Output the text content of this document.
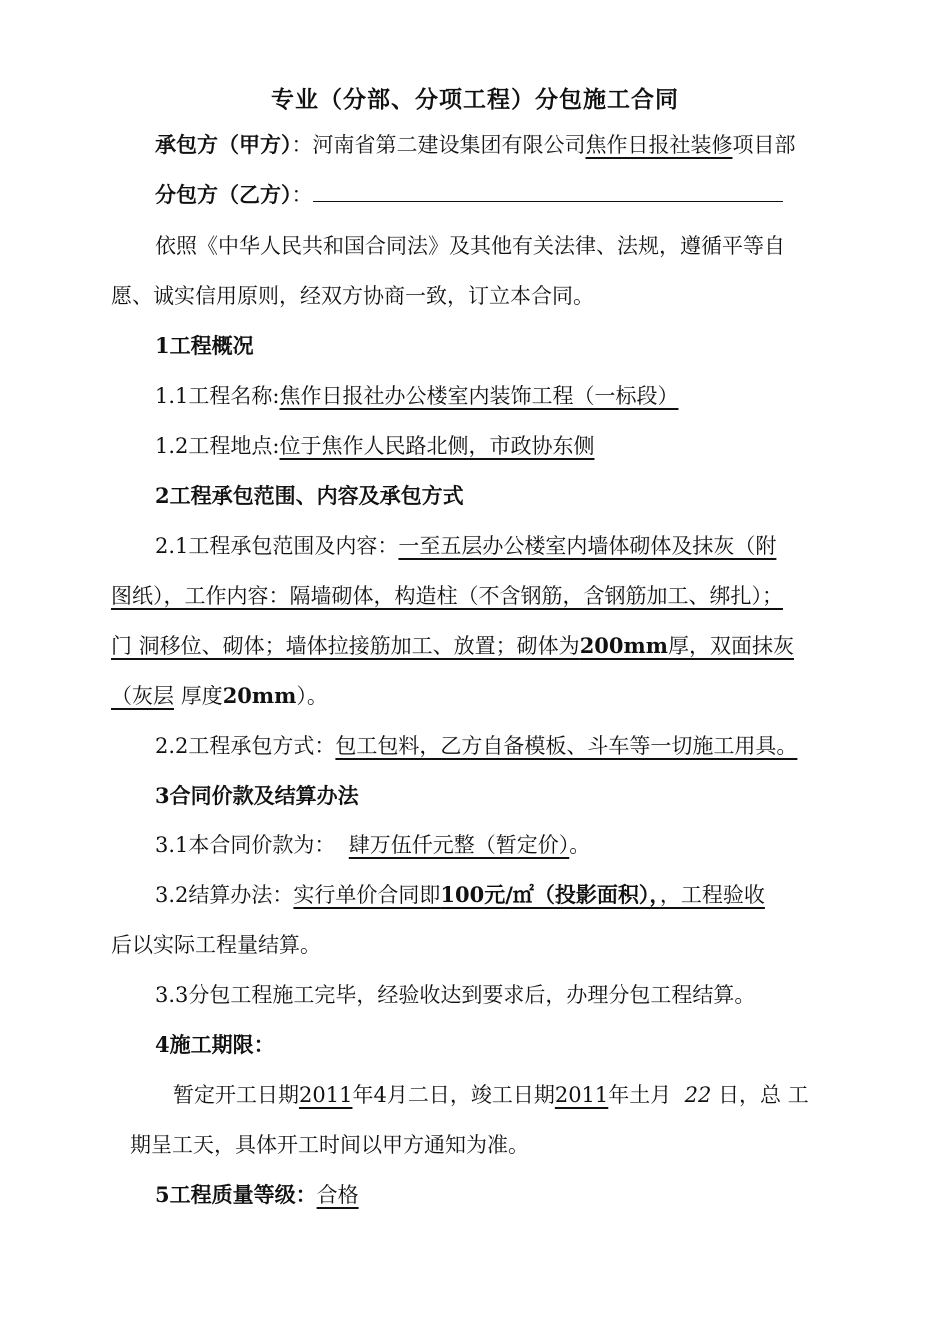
专业（分部、分项工程）分包施工合同
承包方（甲方）：河南省第二建设集团有限公司焦作日报社装修项目部
分包方（乙方）：
依照《中华人民共和国合同法》及其他有关法律、法规，遵循平等自
愿、诚实信用原则，经双方协商一致，订立本合同。
1工程概况
1.1工程名称:焦作日报社办公楼室内装饰工程（一标段）
1.2工程地点:位于焦作人民路北侧，市政协东侧
2工程承包范围、内容及承包方式
2.1工程承包范围及内容：一至五层办公楼室内墙体砌体及抹灰（附
图纸），工作内容：隔墙砌体，构造柱（不含钢筋，含钢筋加工、绑扎）；
门 洞移位、砌体；墙体拉接筋加工、放置；砌体为200mm厚，双面抹灰
（灰层 厚度20mm）。
2.2工程承包方式：包工包料，乙方自备模板、斗车等一切施工用具。
3合同价款及结算办法
3.1本合同价款为： 肆万伍仟元整（暂定价）。
3.2结算办法：实行单价合同即100元/㎡（投影面积），，工程验收
后以实际工程量结算。
3.3分包工程施工完毕，经验收达到要求后，办理分包工程结算。
4施工期限：
暂定开工日期2011年4月二日，竣工日期2011年土月 22 日，总 工
期呈工天，具体开工时间以甲方通知为准。
5工程质量等级：合格
